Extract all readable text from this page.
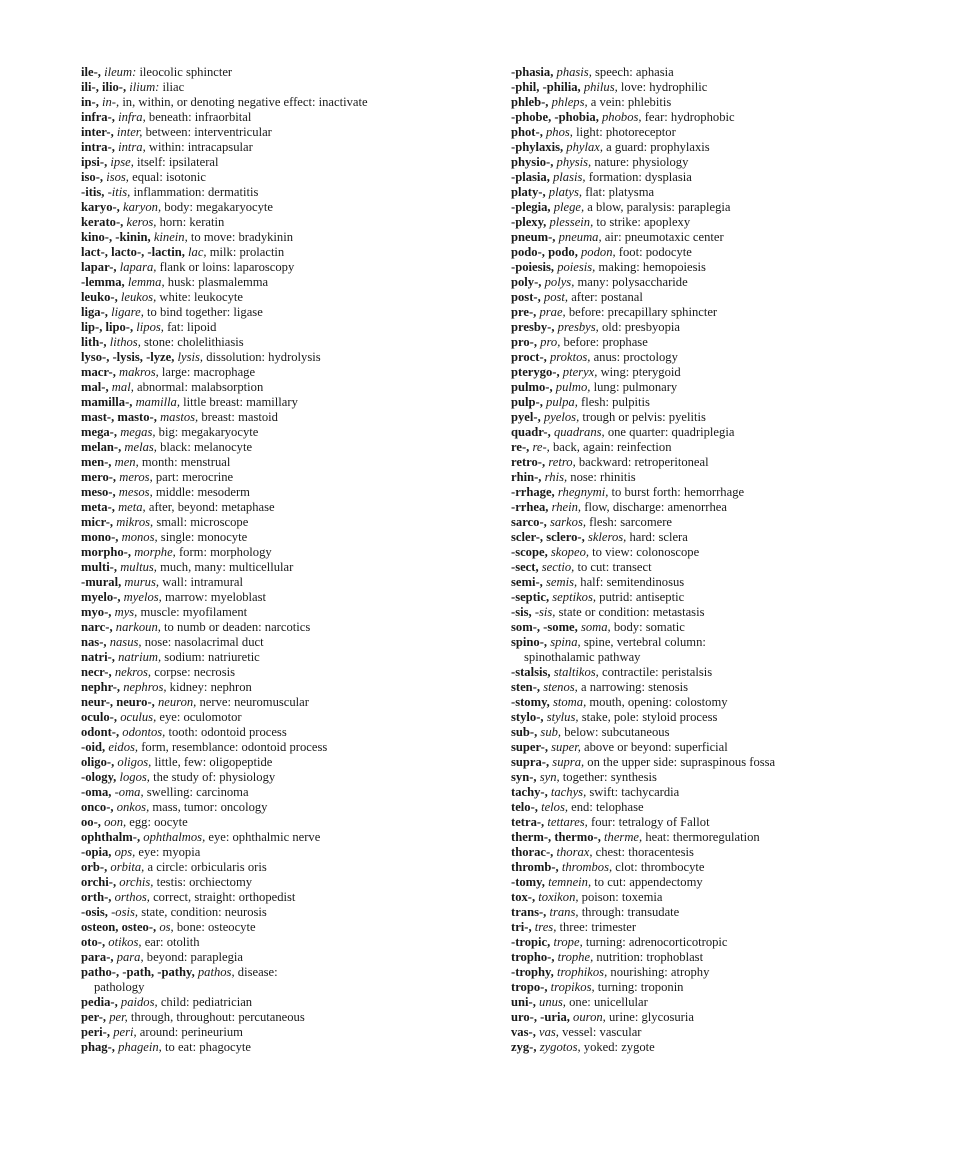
ile-, ileum: ileocolic sphincter
ili-, ilio-, ilium: iliac
in-, in-, in, within, or denoting negative effect: inactivate
infra-, infra, beneath: infraorbital
inter-, inter, between: interventricular
intra-, intra, within: intracapsular
ipsi-, ipse, itself: ipsilateral
iso-, isos, equal: isotonic
-itis, -itis, inflammation: dermatitis
karyo-, karyon, body: megakaryocyte
kerato-, keros, horn: keratin
kino-, -kinin, kinein, to move: bradykinin
lact-, lacto-, -lactin, lac, milk: prolactin
lapar-, lapara, flank or loins: laparoscopy
-lemma, lemma, husk: plasmalemma
leuko-, leukos, white: leukocyte
liga-, ligare, to bind together: ligase
lip-, lipo-, lipos, fat: lipoid
lith-, lithos, stone: cholelithiasis
lyso-, -lysis, -lyze, lysis, dissolution: hydrolysis
macr-, makros, large: macrophage
mal-, mal, abnormal: malabsorption
mamilla-, mamilla, little breast: mamillary
mast-, masto-, mastos, breast: mastoid
mega-, megas, big: megakaryocyte
melan-, melas, black: melanocyte
men-, men, month: menstrual
mero-, meros, part: merocrine
meso-, mesos, middle: mesoderm
meta-, meta, after, beyond: metaphase
micr-, mikros, small: microscope
mono-, monos, single: monocyte
morpho-, morphe, form: morphology
multi-, multus, much, many: multicellular
-mural, murus, wall: intramural
myelo-, myelos, marrow: myeloblast
myo-, mys, muscle: myofilament
narc-, narkoun, to numb or deaden: narcotics
nas-, nasus, nose: nasolacrimal duct
natri-, natrium, sodium: natriuretic
necr-, nekros, corpse: necrosis
nephr-, nephros, kidney: nephron
neur-, neuro-, neuron, nerve: neuromuscular
oculo-, oculus, eye: oculomotor
odont-, odontos, tooth: odontoid process
-oid, eidos, form, resemblance: odontoid process
oligo-, oligos, little, few: oligopeptide
-ology, logos, the study of: physiology
-oma, -oma, swelling: carcinoma
onco-, onkos, mass, tumor: oncology
oo-, oon, egg: oocyte
ophthalm-, ophthalmos, eye: ophthalmic nerve
-opia, ops, eye: myopia
orb-, orbita, a circle: orbicularis oris
orchi-, orchis, testis: orchiectomy
orth-, orthos, correct, straight: orthopedist
-osis, -osis, state, condition: neurosis
osteon, osteo-, os, bone: osteocyte
oto-, otikos, ear: otolith
para-, para, beyond: paraplegia
patho-, -path, -pathy, pathos, disease:
pathology
pedia-, paidos, child: pediatrician
per-, per, through, throughout: percutaneous
peri-, peri, around: perineurium
phag-, phagein, to eat: phagocyte
-phasia, phasis, speech: aphasia
-phil, -philia, philus, love: hydrophilic
phleb-, phleps, a vein: phlebitis
-phobe, -phobia, phobos, fear: hydrophobic
phot-, phos, light: photoreceptor
-phylaxis, phylax, a guard: prophylaxis
physio-, physis, nature: physiology
-plasia, plasis, formation: dysplasia
platy-, platys, flat: platysma
-plegia, plege, a blow, paralysis: paraplegia
-plexy, plessein, to strike: apoplexy
pneum-, pneuma, air: pneumotaxic center
podo-, podo, podon, foot: podocyte
-poiesis, poiesis, making: hemopoiesis
poly-, polys, many: polysaccharide
post-, post, after: postanal
pre-, prae, before: precapillary sphincter
presby-, presbys, old: presbyopia
pro-, pro, before: prophase
proct-, proktos, anus: proctology
pterygo-, pteryx, wing: pterygoid
pulmo-, pulmo, lung: pulmonary
pulp-, pulpa, flesh: pulpitis
pyel-, pyelos, trough or pelvis: pyelitis
quadr-, quadrans, one quarter: quadriplegia
re-, re-, back, again: reinfection
retro-, retro, backward: retroperitoneal
rhin-, rhis, nose: rhinitis
-rrhage, rhegnymi, to burst forth: hemorrhage
-rrhea, rhein, flow, discharge: amenorrhea
sarco-, sarkos, flesh: sarcomere
scler-, sclero-, skleros, hard: sclera
-scope, skopeo, to view: colonoscope
-sect, sectio, to cut: transect
semi-, semis, half: semitendinosus
-septic, septikos, putrid: antiseptic
-sis, -sis, state or condition: metastasis
som-, -some, soma, body: somatic
spino-, spina, spine, vertebral column:
spinothalamic pathway
-stalsis, staltikos, contractile: peristalsis
sten-, stenos, a narrowing: stenosis
-stomy, stoma, mouth, opening: colostomy
stylo-, stylus, stake, pole: styloid process
sub-, sub, below: subcutaneous
super-, super, above or beyond: superficial
supra-, supra, on the upper side: supraspinous fossa
syn-, syn, together: synthesis
tachy-, tachys, swift: tachycardia
telo-, telos, end: telophase
tetra-, tettares, four: tetralogy of Fallot
therm-, thermo-, therme, heat: thermoregulation
thorac-, thorax, chest: thoracentesis
thromb-, thrombos, clot: thrombocyte
-tomy, temnein, to cut: appendectomy
tox-, toxikon, poison: toxemia
trans-, trans, through: transudate
tri-, tres, three: trimester
-tropic, trope, turning: adrenocorticotropic
tropho-, trophe, nutrition: trophoblast
-trophy, trophikos, nourishing: atrophy
tropo-, tropikos, turning: troponin
uni-, unus, one: unicellular
uro-, -uria, ouron, urine: glycosuria
vas-, vas, vessel: vascular
zyg-, zygotos, yoked: zygote
